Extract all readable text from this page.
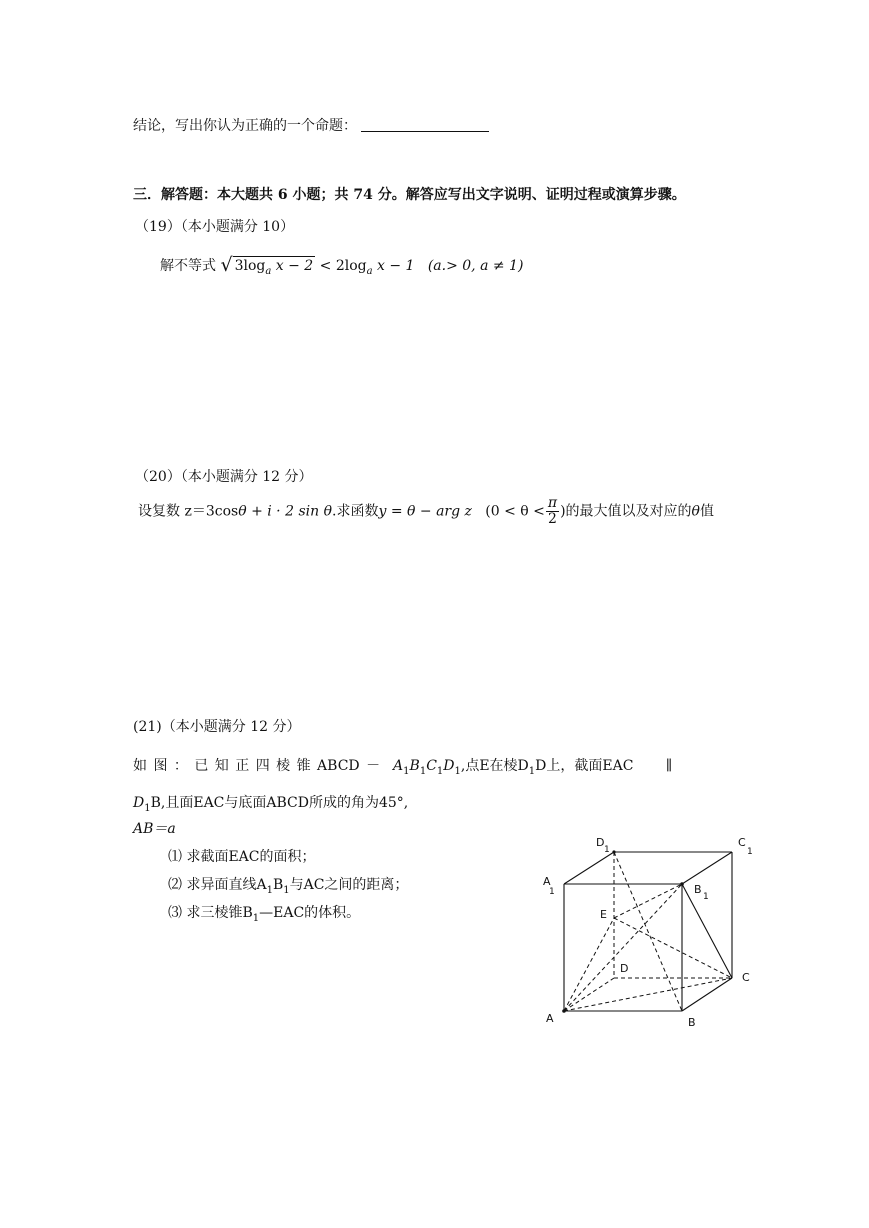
结论，写出你认为正确的一个命题：
三．解答题：本大题共 6 小题；共 74 分。解答应写出文字说明、证明过程或演算步骤。
（19）（本小题满分 10）
解不等式 √ $3\log_a$ $x - 2 < 2\log_a$ x − 1 (a.> 0, a ≠ 1)
（20）（本小题满分 12 分）
设复数 z＝3cosθ + i · 2 sin θ.求函数y = θ − arg z ($0 < \theta < \frac{\pi}{2}$ )的最大值以及对应的θ值
(21)（本小题满分 12 分）
如 图 ： 已 知 正 四 棱 锥 ABCD － $A_1B_1C_1D_1$,点E在棱$D_1D$上，截面EAC ∥
$D_1B$,且面EAC与底面ABCD所成的角为45°,
AB＝a
⑴ 求截面EAC的面积；
⑵ 求异面直线$A_1B_1$与AC之间的距离；
⑶ 求三棱锥$B_1—EAC$的体积。
D
1
C
1
A
1	B
1
E
D
C
A	B
